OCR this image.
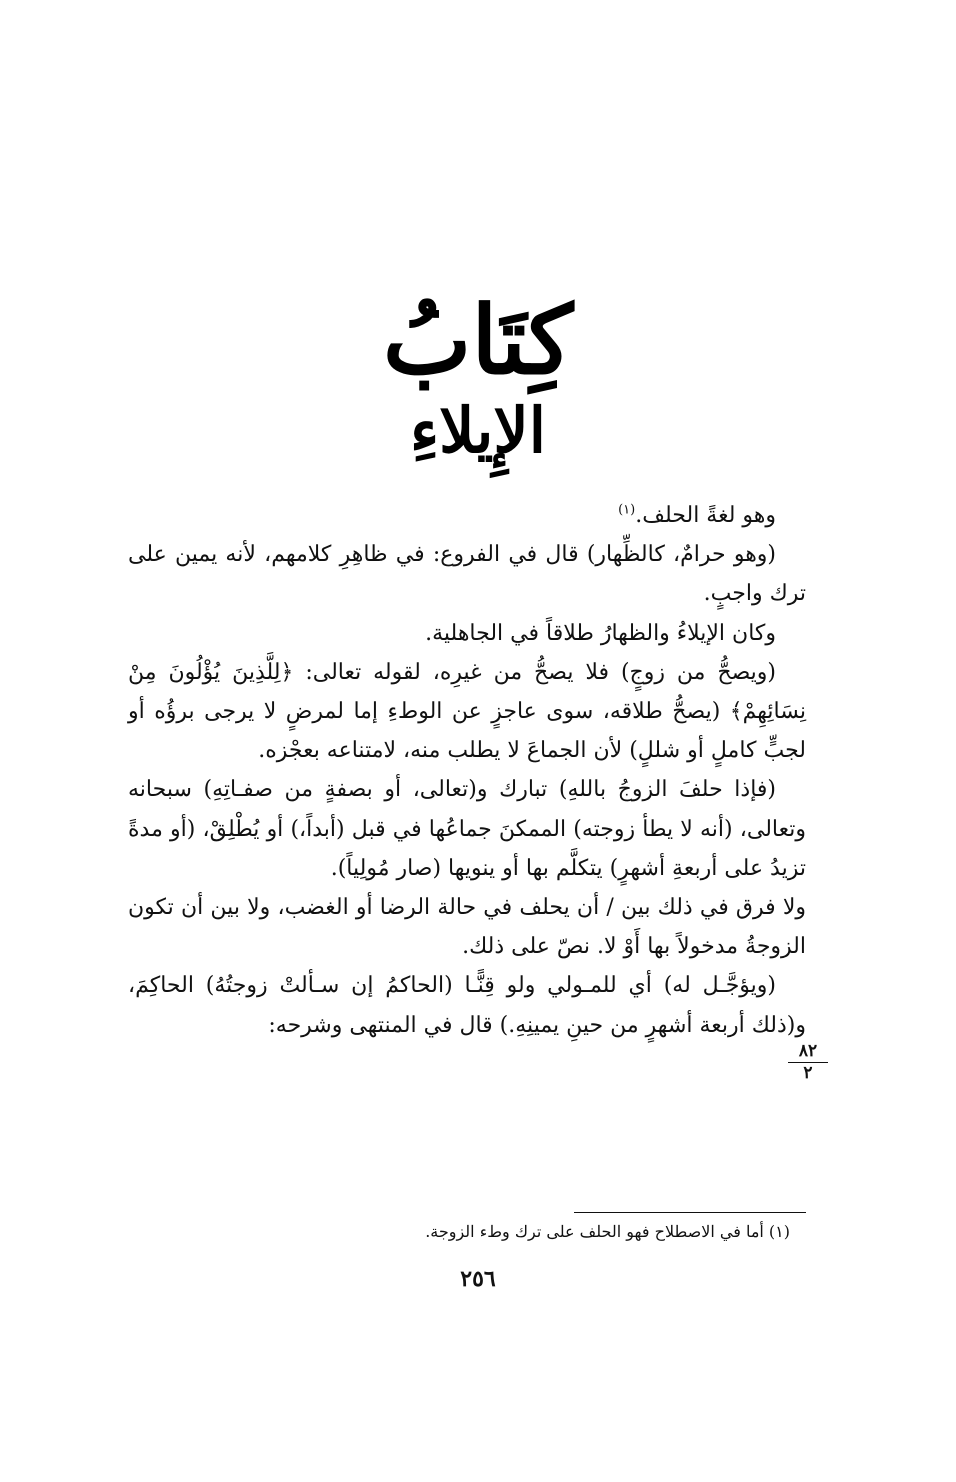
كِتَابُ
الإِيلاءِ

وهو لغةً الحلف.$^{(١)}$

(وهو حرامٌ، كالظِّهار) قال في الفروع: في ظاهِرِ كلامهم، لأنه يمين على ترك واجبٍ.

وكان الإيلاءُ والظهارُ طلاقاً في الجاهلية.

(ويصحُّ من زوجٍ) فلا يصحُّ من غيرِه، لقوله تعالى: ﴿لِلَّذِينَ يُؤْلُونَ مِنْ نِسَائِهِمْ﴾ (يصحُّ طلاقه، سوى عاجزٍ عن الوطءِ إما لمرضٍ لا يرجى برؤُه أو لجبٍّ كاملٍ أو شللٍ) لأن الجماعَ لا يطلب منه، لامتناعه بعجْزه.

(فإذا حلفَ الزوجُ باللهِ) تبارك و(تعالى، أو بصفةٍ من صفـاتِهِ) سبحانه وتعالى، (أنه لا يطأ زوجته) الممكنَ جماعُها في قبل (أبداً،) أو يُطْلِقْ، (أو مدةً تزيدُ على أربعةِ أشهرٍ) يتكلَّم بها أو ينويها (صار مُولِياً).

ولا فرق في ذلك بين / أن يحلف في حالة الرضا أو الغضب، ولا بين أن تكون الزوجةُ مدخولاً بها أَوْ لا. نصّ على ذلك.

(ويؤجَّـل له) أي للمـولي ولو قِنًّـا (الحاكمُ إن سـألتْ زوجتُهُ) الحاكِمَ، و(ذلك أربعة أشهرٍ من حينِ يمينِهِ.) قال في المنتهى وشرحه:

٨٢
٢
(١) أما في الاصطلاح فهو الحلف على ترك وطء الزوجة.
٢٥٦
